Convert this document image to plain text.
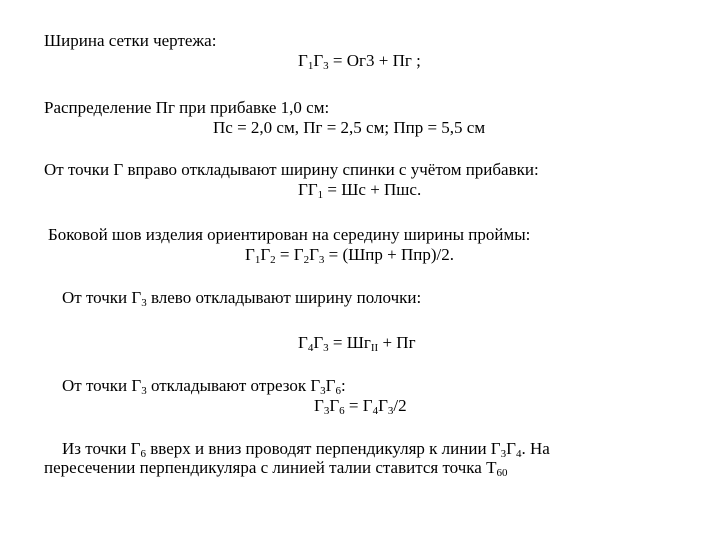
Ширина сетки чертежа:
$Г_1Г_3 = Ог3$ + Пг ;
Распределение Пг при прибавке 1,0 см:
Пс = 2,0 см, Пг = 2,5 см; Ппр = 5,5 см
От точки Г вправо откладывают ширину спинки с учётом прибавки:
$ГГ_1$ = Шс + Пшс.
Боковой шов изделия ориентирован на середину ширины проймы:
$Г_1Г_2 = Г_2Г_3 = (Шпр + Ппр)/2$.
От точки $Г_3$ влево откладывают ширину полочки:
$Г_4Г_3 = Шг_{II}$ + Пг
От точки $Г_3$ откладывают отрезок $Г_3Г_6$:
$Г_3Г_6 = Г_4Г_3/2$
Из точки $Г_6$ вверх и вниз проводят перпендикуляр к линии $Г_3Г_4$. На
пересечении перпендикуляра с линией талии ставится точка $Т_{60}$
